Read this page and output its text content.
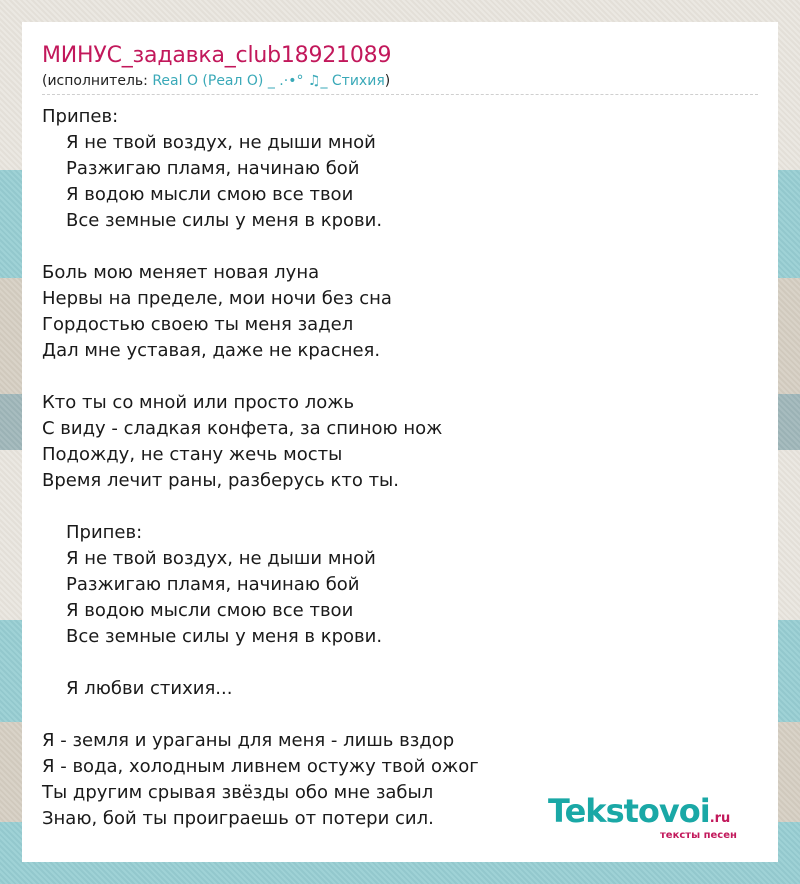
МИНУС_задавка_club18921089
(исполнитель: Real O (Реал О) _ .·•° ♫_ Стихия)
Припев:
Я не твой воздух, не дыши мной
Разжигаю пламя, начинаю бой
Я водою мысли смою все твои
Все земные силы у меня в крови.
Боль мою меняет новая луна
Нервы на пределе, мои ночи без сна
Гордостью своею ты меня задел
Дал мне уставая, даже не краснея.
Кто ты со мной или просто ложь
С виду - сладкая конфета, за спиною нож
Подожду, не стану жечь мосты
Время лечит раны, разберусь кто ты.
Припев:
Я не твой воздух, не дыши мной
Разжигаю пламя, начинаю бой
Я водою мысли смою все твои
Все земные силы у меня в крови.
Я любви стихия...
Я - земля и ураганы для меня - лишь вздор
Я - вода, холодным ливнем остужу твой ожог
Ты другим срывая звёзды обо мне забыл
Знаю, бой ты проиграешь от потери сил.	Tekstovoi.ru
тексты песен
